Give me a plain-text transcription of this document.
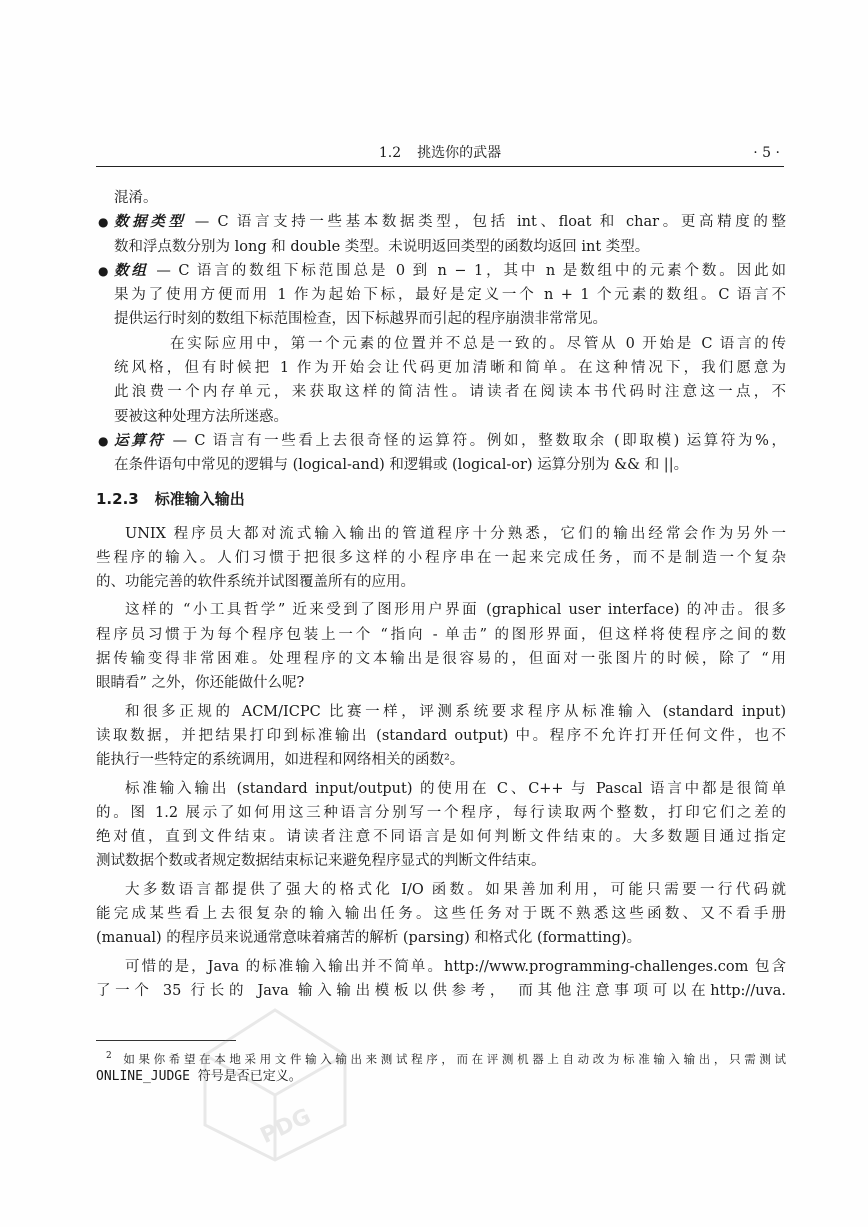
1.2 挑选你的武器	· 5 ·
混淆。
● 数据类型 — C 语言支持一些基本数据类型，包括 int、float 和 char。更高精度的整
数和浮点数分别为 long 和 double 类型。未说明返回类型的函数均返回 int 类型。
● 数组 — C 语言的数组下标范围总是 0 到 n − 1，其中 n 是数组中的元素个数。因此如
果为了使用方便而用 1 作为起始下标，最好是定义一个 n + 1 个元素的数组。C 语言不
提供运行时刻的数组下标范围检查，因下标越界而引起的程序崩溃非常常见。
在实际应用中，第一个元素的位置并不总是一致的。尽管从 0 开始是 C 语言的传
统风格，但有时候把 1 作为开始会让代码更加清晰和简单。在这种情况下，我们愿意为
此浪费一个内存单元，来获取这样的简洁性。请读者在阅读本书代码时注意这一点，不
要被这种处理方法所迷惑。
● 运算符 — C 语言有一些看上去很奇怪的运算符。例如，整数取余 (即取模) 运算符为%，
在条件语句中常见的逻辑与 (logical-and) 和逻辑或 (logical-or) 运算分别为 && 和 ||。
1.2.3 标准输入输出
UNIX 程序员大都对流式输入输出的管道程序十分熟悉，它们的输出经常会作为另外一
些程序的输入。人们习惯于把很多这样的小程序串在一起来完成任务，而不是制造一个复杂
的、功能完善的软件系统并试图覆盖所有的应用。
这样的 “小工具哲学” 近来受到了图形用户界面 (graphical user interface) 的冲击。很多
程序员习惯于为每个程序包装上一个 “指向 - 单击” 的图形界面，但这样将使程序之间的数
据传输变得非常困难。处理程序的文本输出是很容易的，但面对一张图片的时候，除了 “用
眼睛看” 之外，你还能做什么呢?
和很多正规的 ACM/ICPC 比赛一样，评测系统要求程序从标准输入 (standard input)
读取数据，并把结果打印到标准输出 (standard output) 中。程序不允许打开任何文件，也不
能执行一些特定的系统调用，如进程和网络相关的函数²。
标准输入输出 (standard input/output) 的使用在 C、C++ 与 Pascal 语言中都是很简单
的。图 1.2 展示了如何用这三种语言分别写一个程序，每行读取两个整数，打印它们之差的
绝对值，直到文件结束。请读者注意不同语言是如何判断文件结束的。大多数题目通过指定
测试数据个数或者规定数据结束标记来避免程序显式的判断文件结束。
大多数语言都提供了强大的格式化 I/O 函数。如果善加利用，可能只需要一行代码就
能完成某些看上去很复杂的输入输出任务。这些任务对于既不熟悉这些函数、又不看手册
(manual) 的程序员来说通常意味着痛苦的解析 (parsing) 和格式化 (formatting)。
可惜的是，Java 的标准输入输出并不简单。http://www.programming-challenges.com 包含
了一个 35 行长的 Java 输入输出模板以供参考， 而其他注意事项可以在http://uva.
$^2$ 如果你希望在本地采用文件输入输出来测试程序，而在评测机器上自动改为标准输入输出，只需测试
ONLINE_JUDGE 符号是否已定义。
PDG
